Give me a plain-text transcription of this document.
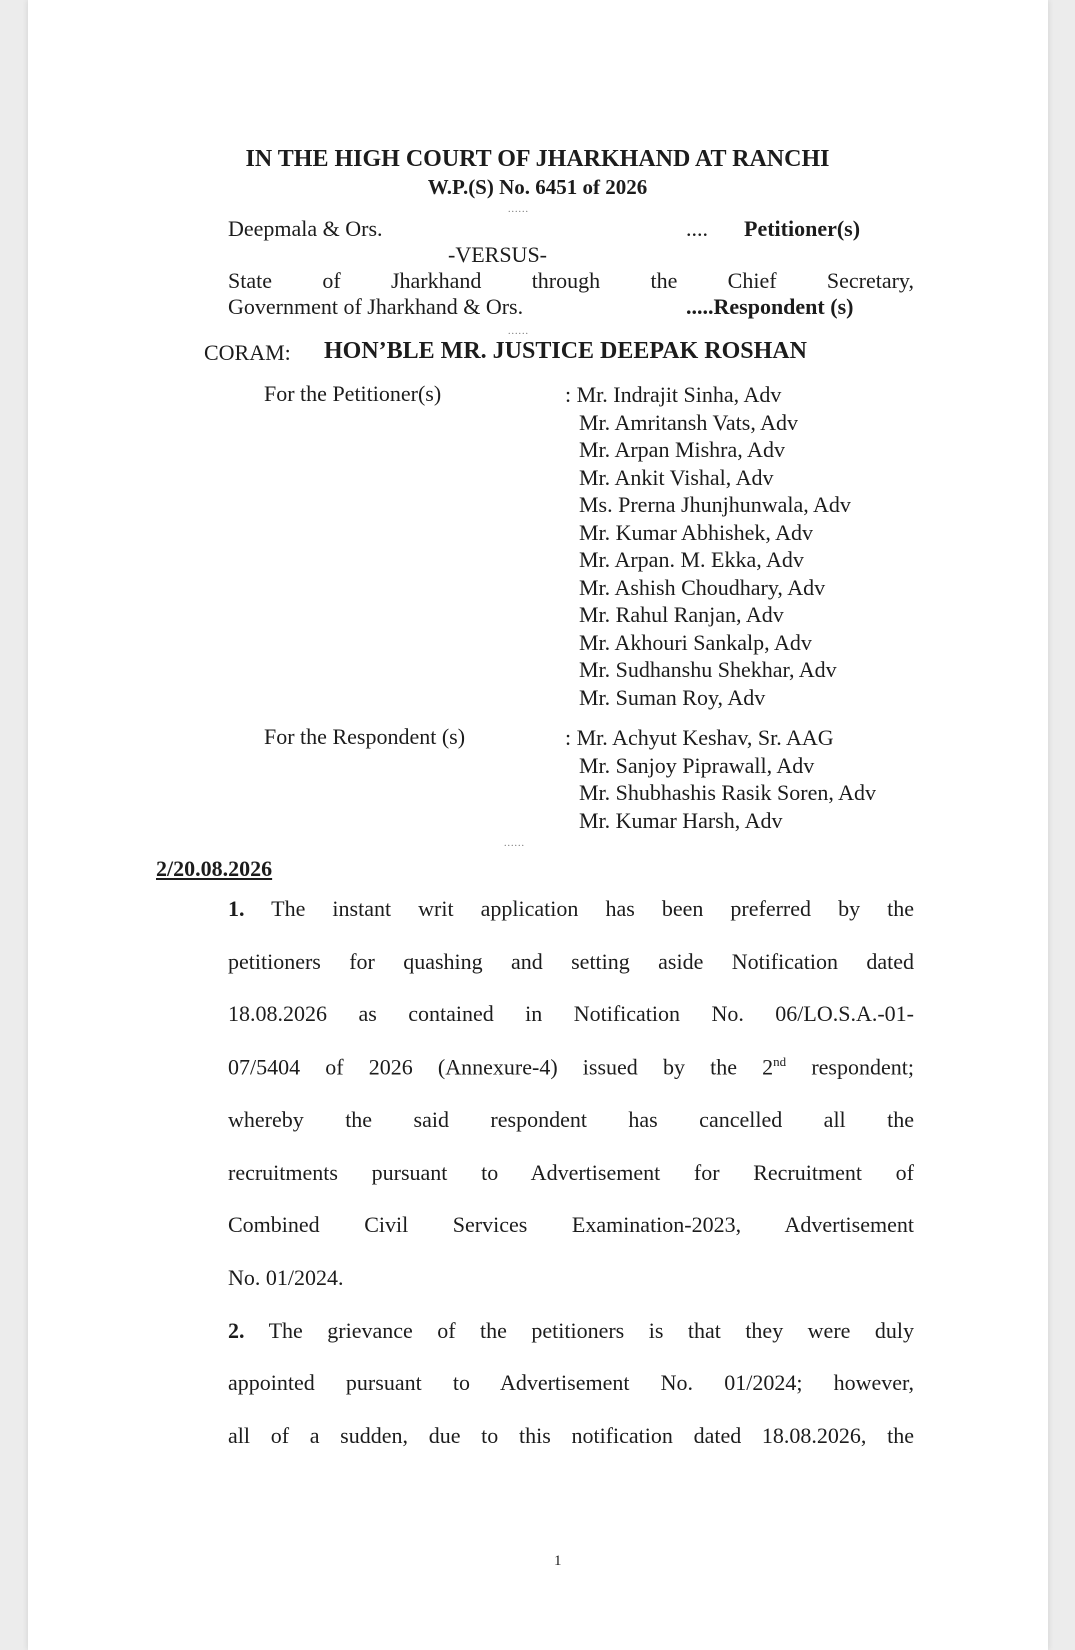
IN THE HIGH COURT OF JHARKHAND AT RANCHI
W.P.(S) No. 6451 of 2026
......
Deepmala & Ors.	.... Petitioner(s)
-VERSUS-
State of Jharkhand through the Chief Secretary,
Government of Jharkhand & Ors.	.....Respondent (s)
......
CORAM: HON’BLE MR. JUSTICE DEEPAK ROSHAN
For the Petitioner(s)	: Mr. Indrajit Sinha, Adv
Mr. Amritansh Vats, Adv
Mr. Arpan Mishra, Adv
Mr. Ankit Vishal, Adv
Ms. Prerna Jhunjhunwala, Adv
Mr. Kumar Abhishek, Adv
Mr. Arpan. M. Ekka, Adv
Mr. Ashish Choudhary, Adv
Mr. Rahul Ranjan, Adv
Mr. Akhouri Sankalp, Adv
Mr. Sudhanshu Shekhar, Adv
Mr. Suman Roy, Adv
For the Respondent (s)	: Mr. Achyut Keshav, Sr. AAG
Mr. Sanjoy Piprawall, Adv
Mr. Shubhashis Rasik Soren, Adv
Mr. Kumar Harsh, Adv
......
2/20.08.2026
1. The instant writ application has been preferred by the
petitioners for quashing and setting aside Notification dated
18.08.2026 as contained in Notification No. 06/LO.S.A.-01-
07/5404 of 2026 (Annexure-4) issued by the 2nd respondent;
whereby the said respondent has cancelled all the
recruitments pursuant to Advertisement for Recruitment of
Combined Civil Services Examination-2023, Advertisement
No. 01/2024.
2. The grievance of the petitioners is that they were duly
appointed pursuant to Advertisement No. 01/2024; however,
all of a sudden, due to this notification dated 18.08.2026, the
1
